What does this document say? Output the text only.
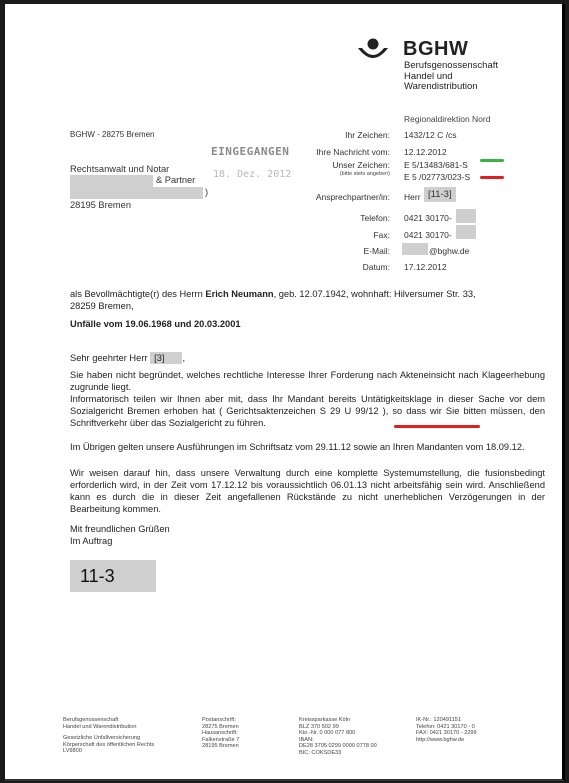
BGHW
Berufsgenossenschaft
Handel und
Warendistribution
Regionaldirektion Nord
BGHW - 28275 Bremen
EINGEGANGEN
18. Dez. 2012
Rechtsanwalt und Notar
& Partner
)
28195 Bremen
Ihr Zeichen: 1432/12 C /cs
Ihre Nachricht vom: 12.12.2012
Unser Zeichen:
(bitte stets angeben)
E 5/13483/681-S
E 5 /02773/023-S
Ansprechpartner/in: Herr [11-3]
Telefon: 0421 30170-
Fax: 0421 30170-
E-Mail:	@bghw.de
Datum: 17.12.2012
als Bevollmächtigte(r) des Herrn Erich Neumann, geb. 12.07.1942, wohnhaft: Hilversumer Str. 33,
28259 Bremen,
Unfälle vom 19.06.1968 und 20.03.2001
Sehr geehrter Herr [3] ,
Sie haben nicht begründet, welches rechtliche Interesse Ihrer Forderung nach Akteneinsicht nach Klageerhebung zugrunde liegt.
Informatorisch teilen wir Ihnen aber mit, dass Ihr Mandant bereits Untätigkeitsklage in dieser Sache vor dem Sozialgericht Bremen erhoben hat ( Gerichtsaktenzeichen S 29 U 99/12 ), so dass wir Sie bitten müssen, den Schriftverkehr über das Sozialgericht zu führen.
Im Übrigen gelten unsere Ausführungen im Schriftsatz vom 29.11.12 sowie an Ihren Mandanten vom 18.09.12.
Wir weisen darauf hin, dass unsere Verwaltung durch eine komplette Systemumstellung, die fusionsbedingt erforderlich wird, in der Zeit vom 17.12.12 bis voraussichtlich 06.01.13 nicht arbeitsfähig sein wird. Anschließend kann es durch die in dieser Zeit angefallenen Rückstände zu nicht unerheblichen Verzögerungen in der Bearbeitung kommen.
Mit freundlichen Grüßen
Im Auftrag
11-3
Berufsgenossenschaft
Handel und Warendistribution
Gesetzliche Unfallversicherung
Körperschaft des öffentlichen Rechts
LV9800
Postanschrift:
28275 Bremen
Hausanschrift:
Falkenstraße 7
28195 Bremen
Kreissparkasse Köln
BLZ 370 502 99
Kto.-Nr. 0 000 077 800
IBAN:
DE28 3705 0299 0000 0778 00
BIC: COKSDE33
IK-Nr.: 120491151
Telefon: 0421 30170 - 0
FAX: 0421 30170 - 2299
http://www.bghw.de
